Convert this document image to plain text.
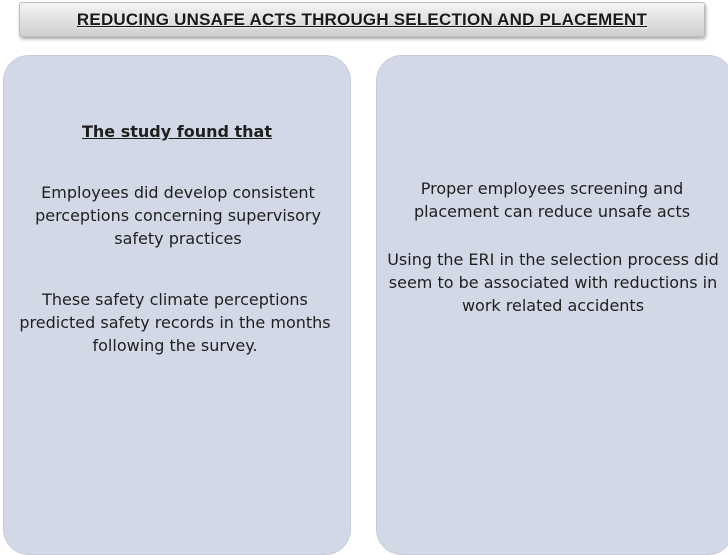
REDUCING UNSAFE ACTS THROUGH SELECTION AND PLACEMENT
The study found that
Employees did develop consistent perceptions concerning supervisory safety practices
These safety climate perceptions predicted safety records in the months following the survey.
Proper employees screening and placement can reduce unsafe acts
Using the ERI in the selection process did seem to be associated with reductions in work related accidents
